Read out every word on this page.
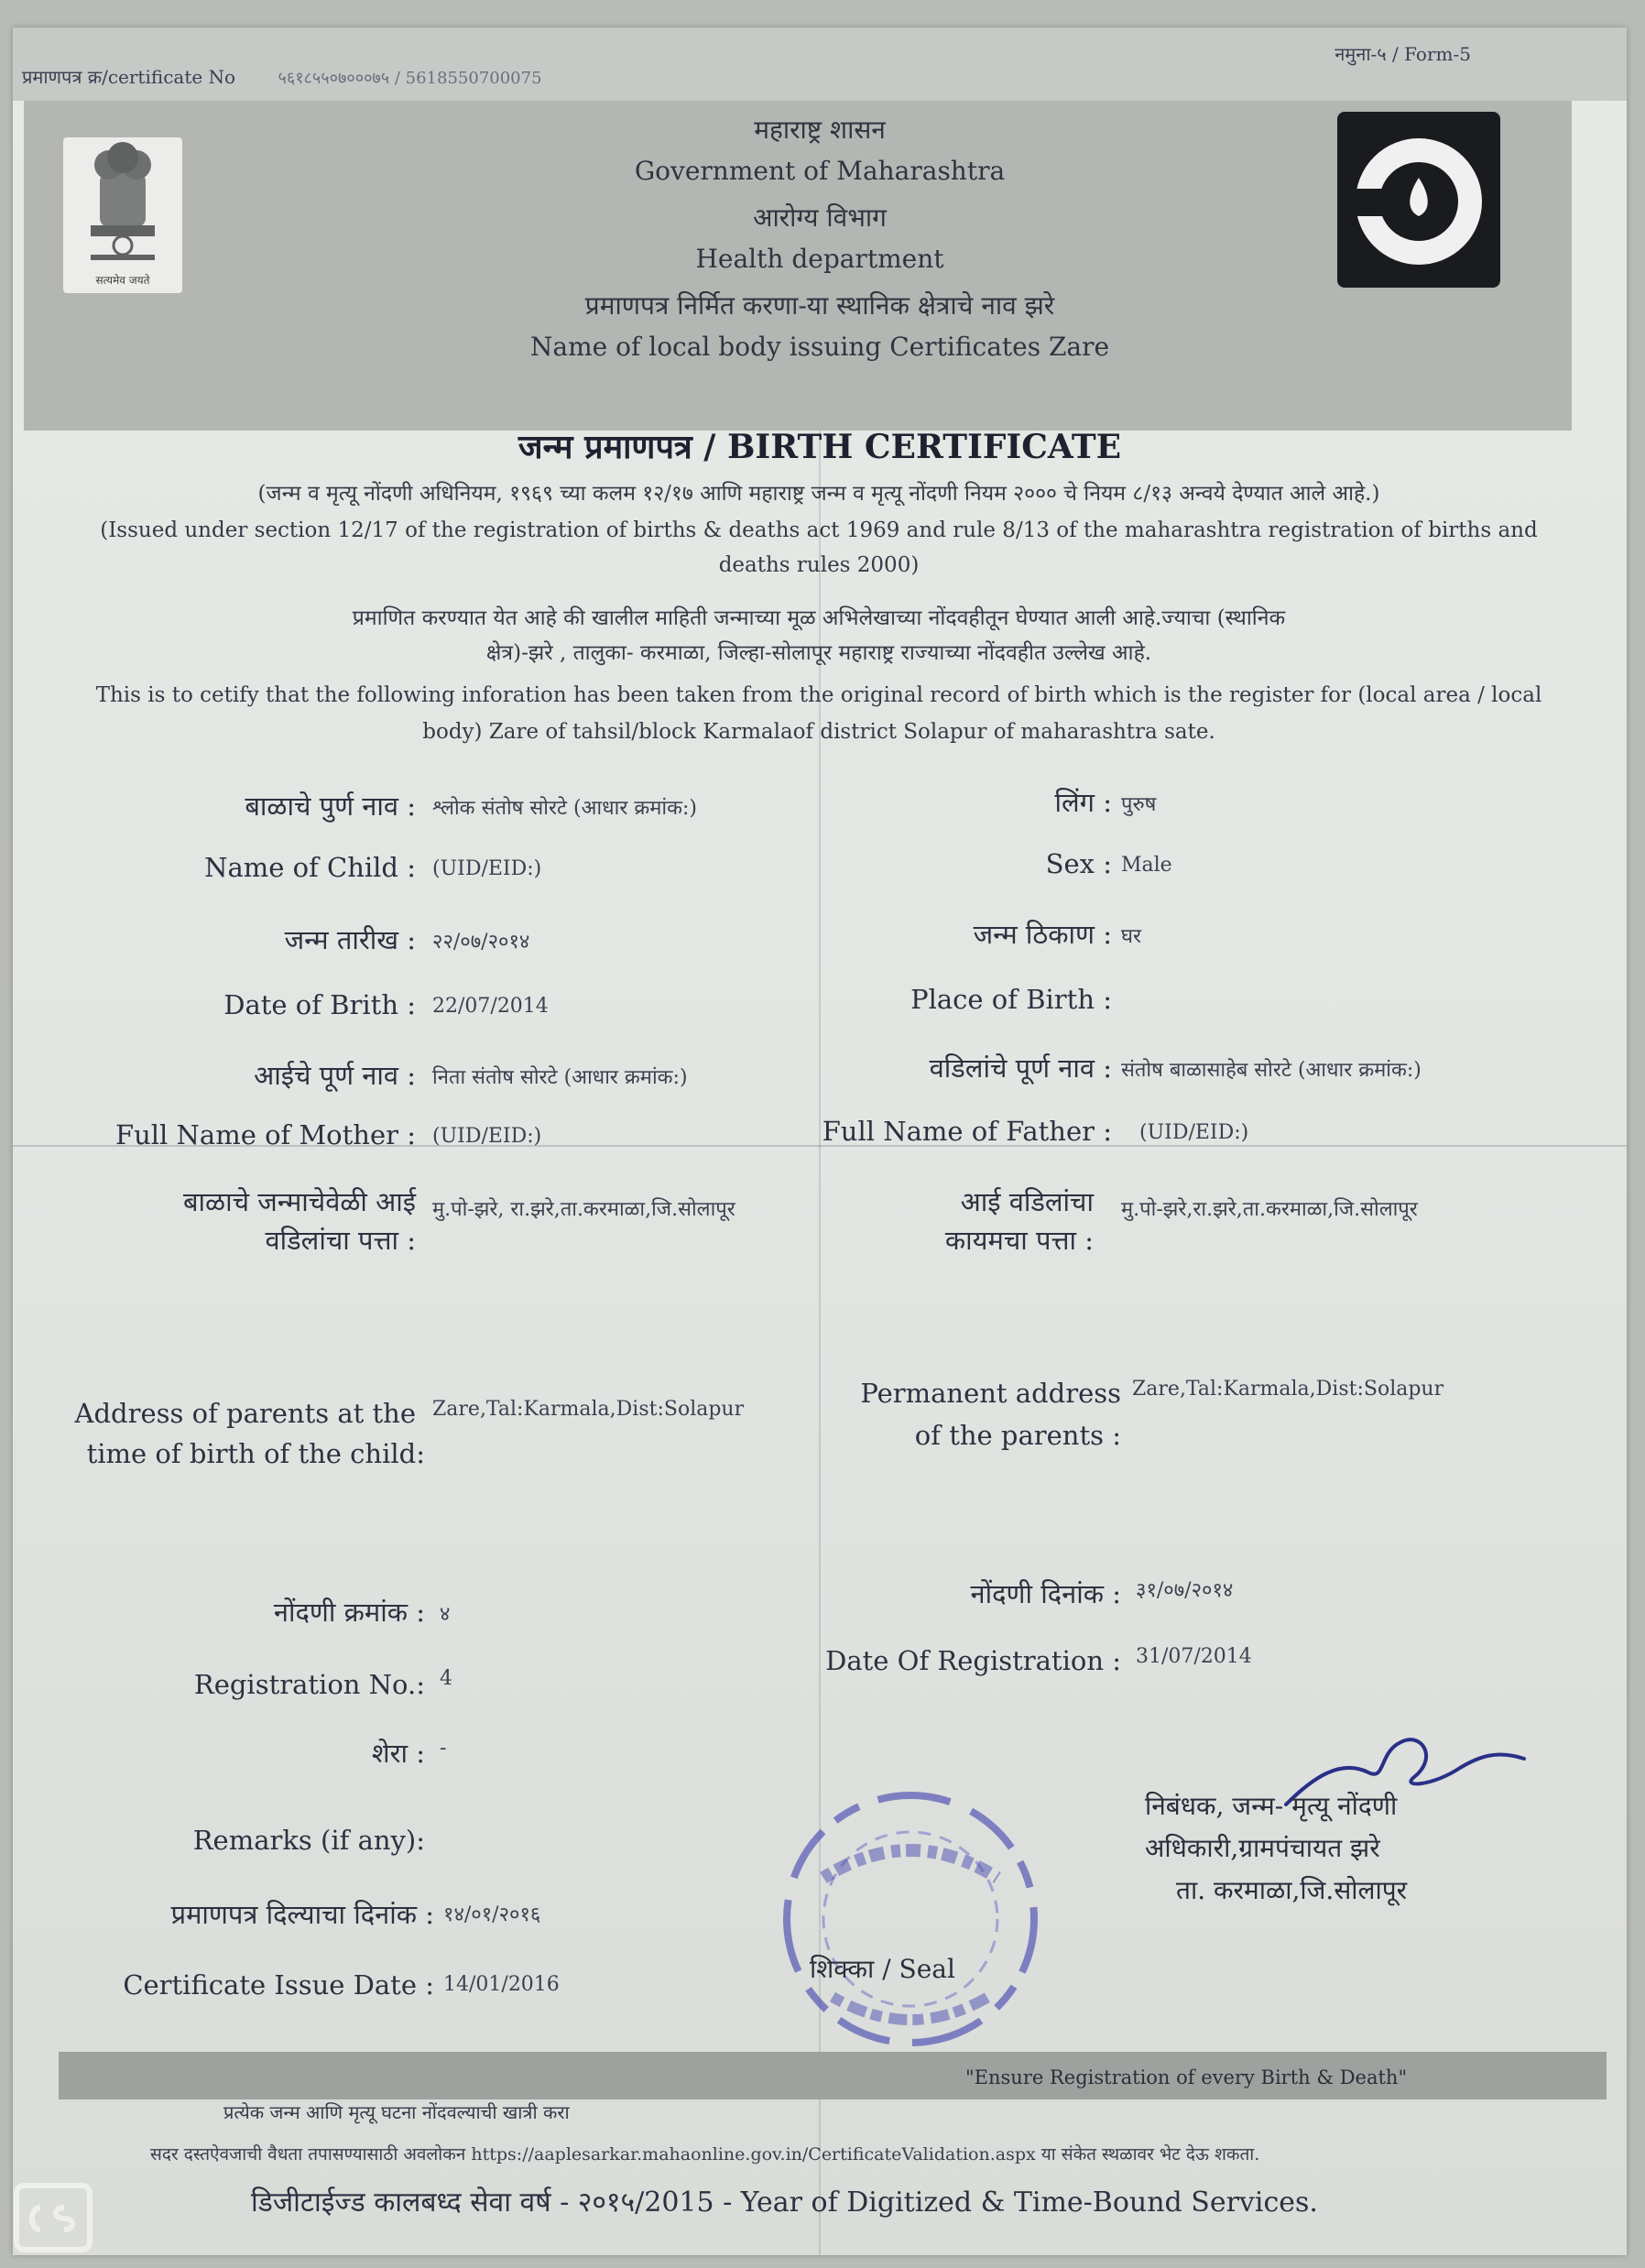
प्रमाणपत्र क्र/certificate No	५६१८५५०७०००७५ / 5618550700075
नमुना-५ / Form-5
सत्यमेव जयते
महाराष्ट्र शासन
Government of Maharashtra
आरोग्य विभाग
Health department
प्रमाणपत्र निर्मित करणा-या स्थानिक क्षेत्राचे नाव झरे
Name of local body issuing Certificates Zare
जन्म प्रमाणपत्र / BIRTH CERTIFICATE
(जन्म व मृत्यू नोंदणी अधिनियम, १९६९ च्या कलम १२/१७ आणि महाराष्ट्र जन्म व मृत्यू नोंदणी नियम २००० चे नियम ८/१३ अन्वये देण्यात आले आहे.)
(Issued under section 12/17 of the registration of births & deaths act 1969 and rule 8/13 of the maharashtra registration of births and
deaths rules 2000)
प्रमाणित करण्यात येत आहे की खालील माहिती जन्माच्या मूळ अभिलेखाच्या नोंदवहीतून घेण्यात आली आहे.ज्याचा (स्थानिक
क्षेत्र)-झरे , तालुका- करमाळा, जिल्हा-सोलापूर महाराष्ट्र राज्याच्या नोंदवहीत उल्लेख आहे.
This is to cetify that the following inforation has been taken from the original record of birth which is the register for (local area / local
body) Zare of tahsil/block Karmalaof district Solapur of maharashtra sate.
बाळाचे पुर्ण नाव : श्लोक संतोष सोरटे (आधार क्रमांक:)
Name of Child : (UID/EID:)
जन्म तारीख : २२/०७/२०१४
Date of Brith : 22/07/2014
आईचे पूर्ण नाव : निता संतोष सोरटे (आधार क्रमांक:)
Full Name of Mother : (UID/EID:)
लिंग : पुरुष
Sex : Male
जन्म ठिकाण : घर
Place of Birth :
वडिलांचे पूर्ण नाव : संतोष बाळासाहेब सोरटे (आधार क्रमांक:)
Full Name of Father : (UID/EID:)
बाळाचे जन्माचेवेळी आई
वडिलांचा पत्ता :
मु.पो-झरे, रा.झरे,ता.करमाळा,जि.सोलापूर	आई वडिलांचा
कायमचा पत्ता :
मु.पो-झरे,रा.झरे,ता.करमाळा,जि.सोलापूर
Address of parents at the
time of birth of the child:
Zare,Tal:Karmala,Dist:Solapur
Permanent address
of the parents :
Zare,Tal:Karmala,Dist:Solapur
नोंदणी क्रमांक : ४
Registration No.: 4
नोंदणी दिनांक : ३१/०७/२०१४
Date Of Registration : 31/07/2014
शेरा : -
Remarks (if any):
प्रमाणपत्र दिल्याचा दिनांक : १४/०१/२०१६
Certificate Issue Date : 14/01/2016
शिक्का / Seal
निबंधक, जन्म- मृत्यू नोंदणी
अधिकारी,ग्रामपंचायत झरे
ता. करमाळा,जि.सोलापूर
"Ensure Registration of every Birth & Death"
प्रत्येक जन्म आणि मृत्यू घटना नोंदवल्याची खात्री करा
सदर दस्तऐवजाची वैधता तपासण्यासाठी अवलोकन https://aaplesarkar.mahaonline.gov.in/CertificateValidation.aspx या संकेत स्थळावर भेट देऊ शकता.
डिजीटाईज्ड कालबध्द सेवा वर्ष - २०१५/2015 - Year of Digitized & Time-Bound Services.
